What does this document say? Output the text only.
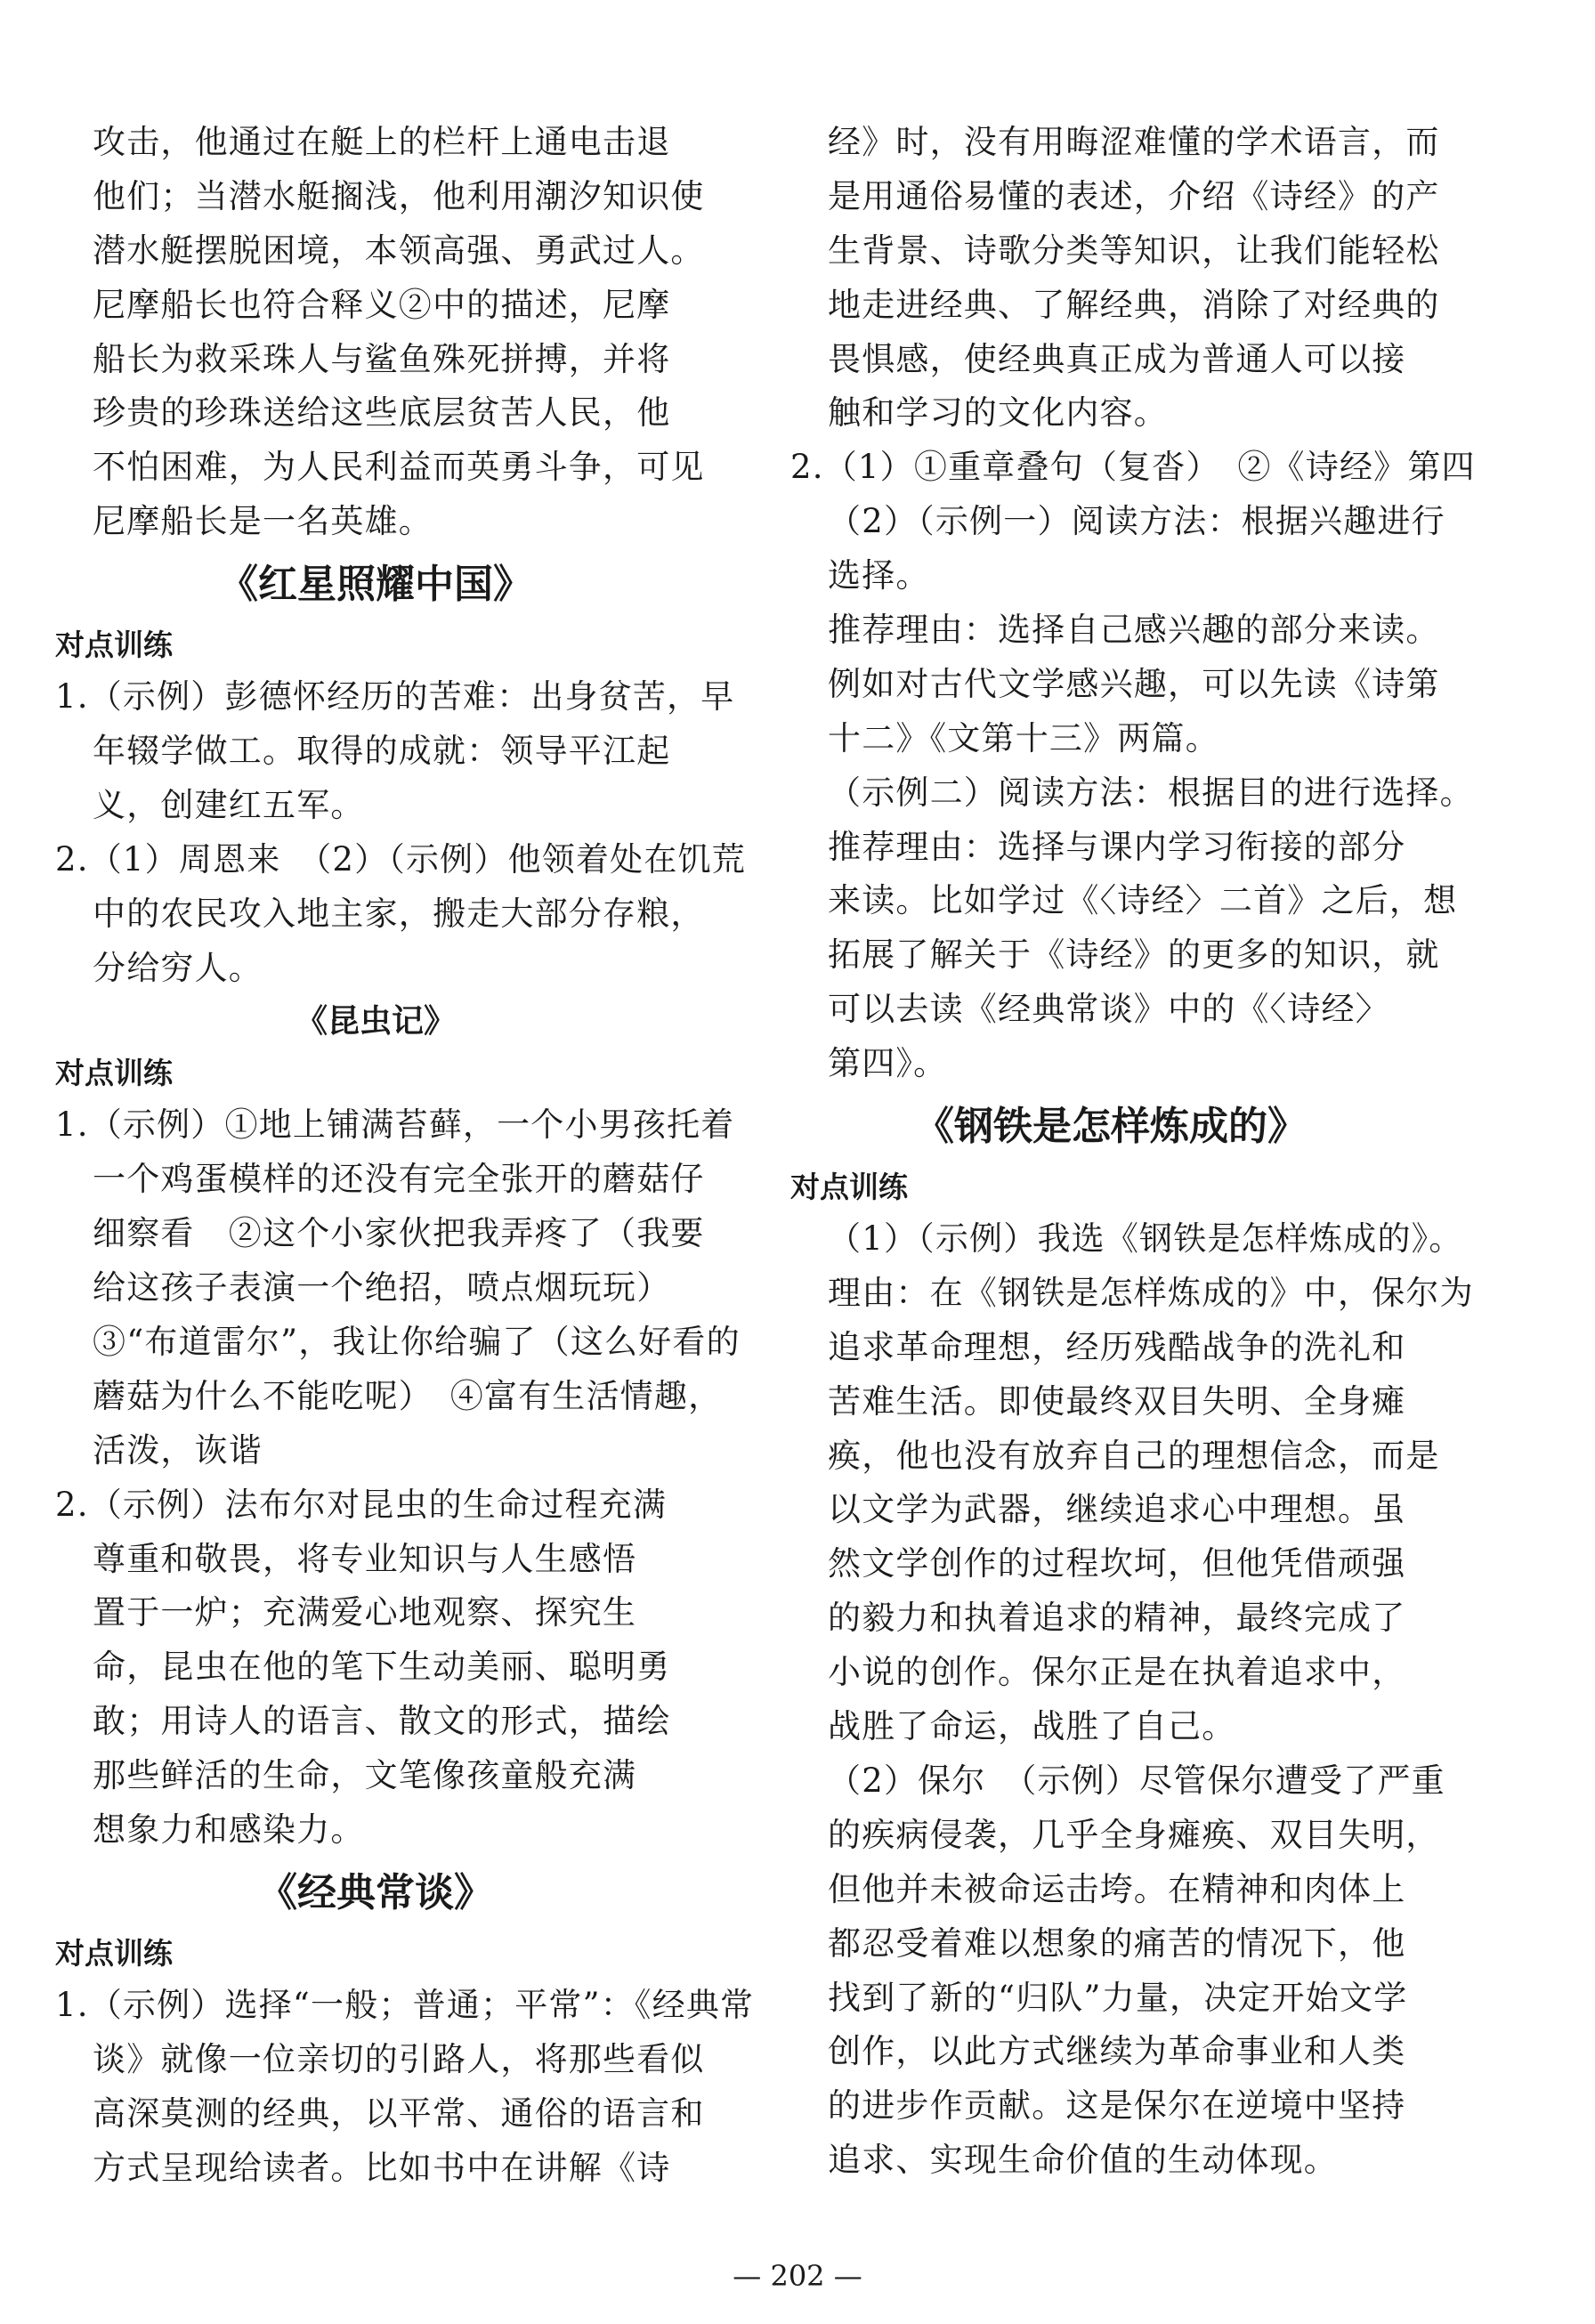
攻击，他通过在艇上的栏杆上通电击退
他们；当潜水艇搁浅，他利用潮汐知识使
潜水艇摆脱困境，本领高强、勇武过人。
尼摩船长也符合释义②中的描述，尼摩
船长为救采珠人与鲨鱼殊死拼搏，并将
珍贵的珍珠送给这些底层贫苦人民，他
不怕困难，为人民利益而英勇斗争，可见
尼摩船长是一名英雄。
《红星照耀中国》
对点训练
1.（示例）彭德怀经历的苦难：出身贫苦，早
年辍学做工。取得的成就：领导平江起
义，创建红五军。
2.（1）周恩来　（2）（示例）他领着处在饥荒
中的农民攻入地主家，搬走大部分存粮，
分给穷人。
《昆虫记》
对点训练
1.（示例）①地上铺满苔藓，一个小男孩托着
一个鸡蛋模样的还没有完全张开的蘑菇仔
细察看　②这个小家伙把我弄疼了（我要
给这孩子表演一个绝招，喷点烟玩玩）
③“布道雷尔”，我让你给骗了（这么好看的
蘑菇为什么不能吃呢）　④富有生活情趣，
活泼，诙谐
2.（示例）法布尔对昆虫的生命过程充满
尊重和敬畏，将专业知识与人生感悟
置于一炉；充满爱心地观察、探究生
命，昆虫在他的笔下生动美丽、聪明勇
敢；用诗人的语言、散文的形式，描绘
那些鲜活的生命，文笔像孩童般充满
想象力和感染力。
《经典常谈》
对点训练
1.（示例）选择“一般；普通；平常”：《经典常
谈》就像一位亲切的引路人，将那些看似
高深莫测的经典，以平常、通俗的语言和
方式呈现给读者。比如书中在讲解《诗
经》时，没有用晦涩难懂的学术语言，而
是用通俗易懂的表述，介绍《诗经》的产
生背景、诗歌分类等知识，让我们能轻松
地走进经典、了解经典，消除了对经典的
畏惧感，使经典真正成为普通人可以接
触和学习的文化内容。
2.（1）①重章叠句（复沓）　②《诗经》第四
（2）（示例一）阅读方法：根据兴趣进行
选择。
推荐理由：选择自己感兴趣的部分来读。
例如对古代文学感兴趣，可以先读《诗第
十二》《文第十三》两篇。
（示例二）阅读方法：根据目的进行选择。
推荐理由：选择与课内学习衔接的部分
来读。比如学过《〈诗经〉二首》之后，想
拓展了解关于《诗经》的更多的知识，就
可以去读《经典常谈》中的《〈诗经〉
第四》。
《钢铁是怎样炼成的》
对点训练
（1）（示例）我选《钢铁是怎样炼成的》。
理由：在《钢铁是怎样炼成的》中，保尔为
追求革命理想，经历残酷战争的洗礼和
苦难生活。即使最终双目失明、全身瘫
痪，他也没有放弃自己的理想信念，而是
以文学为武器，继续追求心中理想。虽
然文学创作的过程坎坷，但他凭借顽强
的毅力和执着追求的精神，最终完成了
小说的创作。保尔正是在执着追求中，
战胜了命运，战胜了自己。
（2）保尔　（示例）尽管保尔遭受了严重
的疾病侵袭，几乎全身瘫痪、双目失明，
但他并未被命运击垮。在精神和肉体上
都忍受着难以想象的痛苦的情况下，他
找到了新的“归队”力量，决定开始文学
创作，以此方式继续为革命事业和人类
的进步作贡献。这是保尔在逆境中坚持
追求、实现生命价值的生动体现。
— 202 —
